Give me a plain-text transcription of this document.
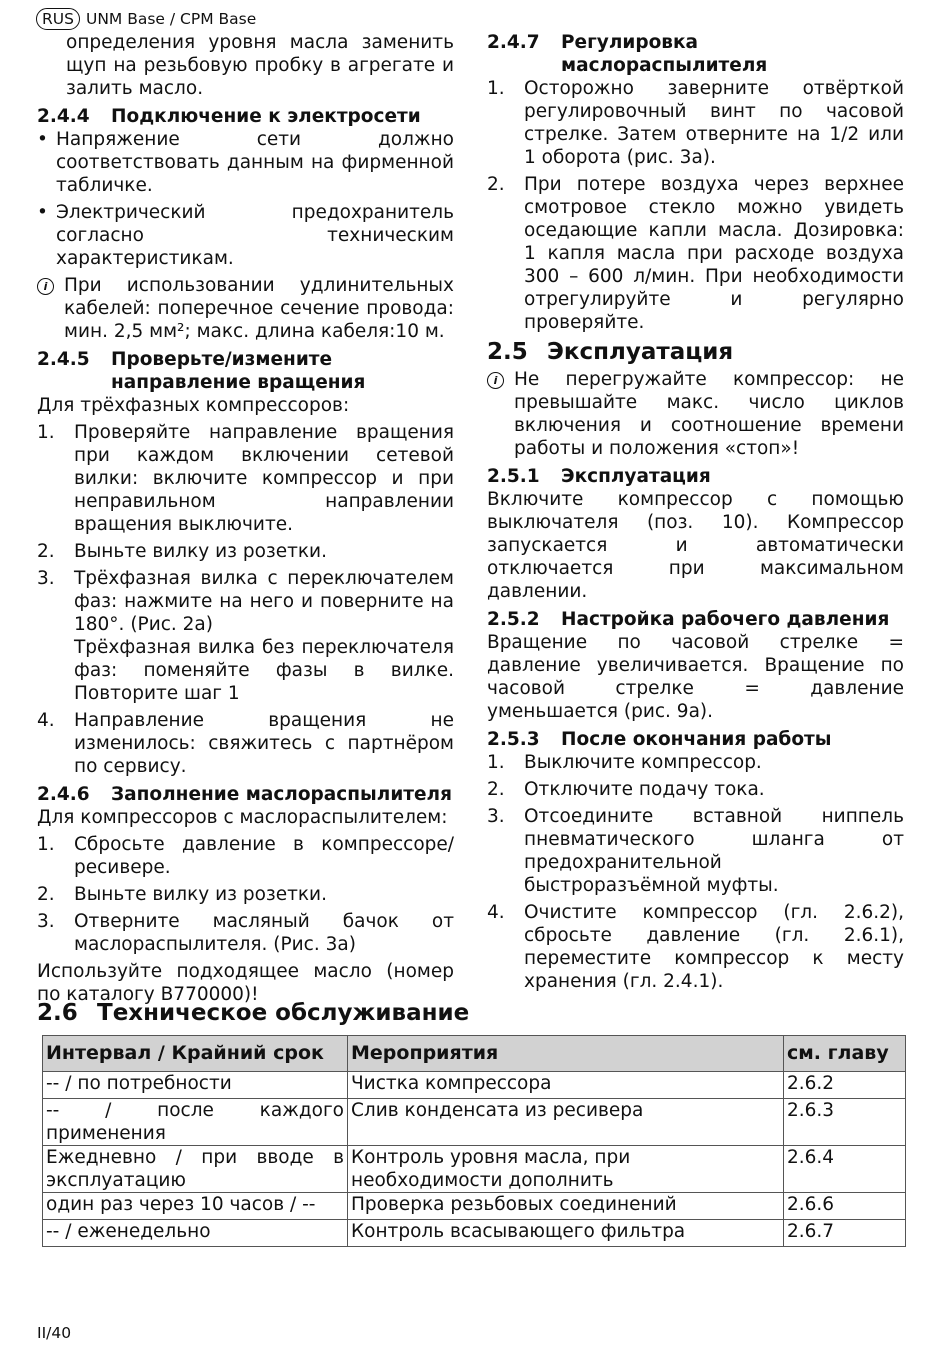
RUS UNM Base / CPM Base

определения уровня масла заменить щуп на резьбовую пробку в агрегате и залить масло.

2.4.4	Подключение к электросети
• Напряжение сети должно соответствовать данным на фирменной табличке.
• Электрический предохранитель согласно техническим характеристикам.
i При использовании удлинительных кабелей: поперечное сечение провода: мин. 2,5 мм²; макс. длина кабеля:10 м.
2.4.5	Проверьте/измените направление вращения

Для трёхфазных компрессоров:

1.	Проверяйте направление вращения при каждом включении сетевой вилки: включите компрессор и при неправильном направлении вращения выключите.
2.	Выньте вилку из розетки.
3.	Трёхфазная вилка с переключателем фаз: нажмите на него и поверните на 180°. (Рис. 2a)
Трёхфазная вилка без переключателя фаз: поменяйте фазы в вилке. Повторите шаг 1
4.	Направление вращения не изменилось: свяжитесь с партнёром по сервису.
2.4.6	Заполнение маслораспылителя

Для компрессоров с маслораспылителем:

1.	Сбросьте давление в компрессоре/ ресивере.
2.	Выньте вилку из розетки.
3.	Отверните масляный бачок от маслораспылителя. (Рис. 3a)

Используйте подходящее масло (номер по каталогу B770000)!

2.4.7	Регулировка маслораспылителя
1.	Осторожно заверните отвёрткой регулировочный винт по часовой стрелке. Затем отверните на 1/2 или 1 оборота (рис. 3a).
2.	При потере воздуха через верхнее смотровое стекло можно увидеть оседающие капли масла. Дозировка: 1 капля масла при расходе воздуха 300 – 600 л/мин. При необходимости отрегулируйте и регулярно проверяйте.
2.5 Эксплуатация
i Не перегружайте компрессор: не превышайте макс. число циклов включения и соотношение времени работы и положения «стоп»!
2.5.1	Эксплуатация

Включите компрессор с помощью выключателя (поз. 10). Компрессор запускается и автоматически отключается при максимальном давлении.

2.5.2	Настройка рабочего давления

Вращение по часовой стрелке = давление увеличивается. Вращение по часовой стрелке = давление уменьшается (рис. 9a).

2.5.3	После окончания работы
1.	Выключите компрессор.
2.	Отключите подачу тока.
3.	Отсоедините вставной ниппель пневматического шланга от предохранительной быстроразъёмной муфты.
4.	Очистите компрессор (гл. 2.6.2), сбросьте давление (гл. 2.6.1), переместите компрессор к месту хранения (гл. 2.4.1).
2.6 Техническое обслуживание
Интервал / Крайний срок	Мероприятия	см. главу
-- / по потребности	Чистка компрессора	2.6.2
-- / после каждого применения	Слив конденсата из ресивера	2.6.3
Ежедневно / при вводе в эксплуатацию	Контроль уровня масла, при необходимости дополнить	2.6.4
один раз через 10 часов / --	Проверка резьбовых соединений	2.6.6
-- / еженедельно	Контроль всасывающего фильтра	2.6.7
II/40
